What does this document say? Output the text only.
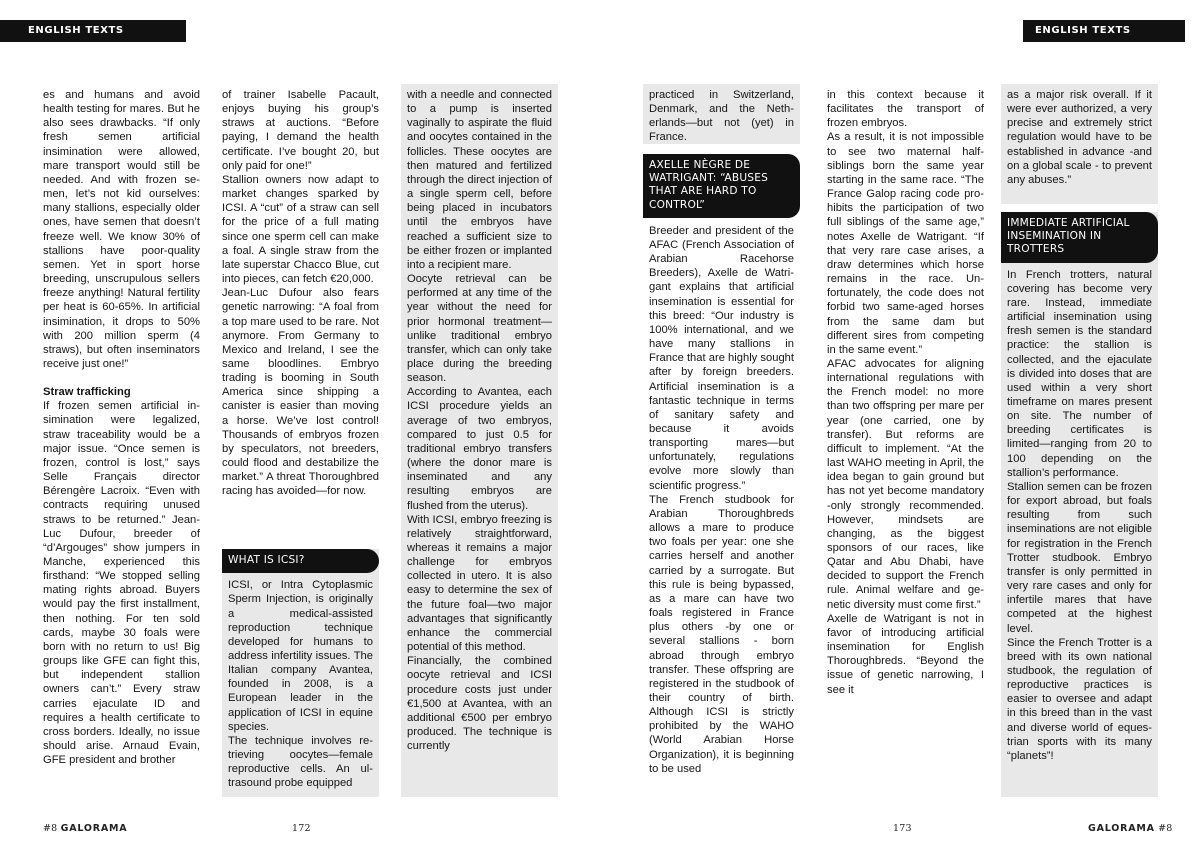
ENGLISH TEXTS	ENGLISH TEXTS

es and humans and avoid health testing for mares. But he also sees drawbacks. “If only fresh semen artificial insimination were allowed, mare transport would still be needed. And with frozen semen, let’s not kid ourselves: many stallions, especially older ones, have semen that doesn’t freeze well. We know 30% of stallions have poor-quality semen. Yet in sport horse breeding, unscrupulous sellers freeze anything! Natural fertility per heat is 60-65%. In artificial insimination, it drops to 50% with 200 million sperm (4 straws), but often inseminators receive just one!”

Straw trafficking

If frozen semen artificial insimination were legalized, straw traceability would be a major issue. “Once semen is frozen, control is lost,” says Selle Français director Bérengère Lacroix. “Even with contracts requiring unused straws to be returned.” Jean-Luc Dufour, breeder of “d’Argouges” show jumpers in Manche, experienced this firsthand: “We stopped selling mating rights abroad. Buyers would pay the first installment, then nothing. For ten sold cards, maybe 30 foals were born with no return to us! Big groups like GFE can fight this, but independent stallion owners can’t.” Every straw carries ejaculate ID and requires a health certificate to cross borders. Ideally, no issue should arise. Arnaud Evain, GFE president and brother

of trainer Isabelle Pacault, enjoys buying his group’s straws at auctions. “Before paying, I demand the health certificate. I’ve bought 20, but only paid for one!”

Stallion owners now adapt to market changes sparked by ICSI. A “cut” of a straw can sell for the price of a full mating since one sperm cell can make a foal. A single straw from the late superstar Chacco Blue, cut into pieces, can fetch €20,000.

Jean-Luc Dufour also fears genetic narrowing: “A foal from a top mare used to be rare. Not anymore. From Germany to Mexico and Ireland, I see the same bloodlines. Embryo trading is booming in South America since shipping a canister is easier than moving a horse. We’ve lost control! Thousands of embryos frozen by speculators, not breeders, could flood and destabilize the market.” A threat Thoroughbred racing has avoided—for now.

WHAT IS ICSI?

ICSI, or Intra Cytoplasmic Sperm Injection, is originally a medical-assisted reproduction technique developed for humans to address infertility issues. The Italian company Avantea, founded in 2008, is a European leader in the application of ICSI in equine species.

The technique involves retrieving oocytes—female reproductive cells. An ultrasound probe equipped

with a needle and connected to a pump is inserted vaginally to aspirate the fluid and oocytes contained in the follicles. These oocytes are then matured and fertilized through the direct injection of a single sperm cell, before being placed in incubators until the embryos have reached a sufficient size to be either frozen or implanted into a recipient mare.

Oocyte retrieval can be performed at any time of the year without the need for prior hormonal treatment—unlike traditional embryo transfer, which can only take place during the breeding season.

According to Avantea, each ICSI procedure yields an average of two embryos, compared to just 0.5 for traditional embryo transfers (where the donor mare is inseminated and any resulting embryos are flushed from the uterus).

With ICSI, embryo freezing is relatively straightforward, whereas it remains a major challenge for embryos collected in utero. It is also easy to determine the sex of the future foal—two major advantages that significantly enhance the commercial potential of this method.

Financially, the combined oocyte retrieval and ICSI procedure costs just under €1,500 at Avantea, with an additional €500 per embryo produced. The technique is currently

practiced in Switzerland, Denmark, and the Netherlands—but not (yet) in France.

AXELLE NÈGRE DE WATRIGANT: “ABUSES THAT ARE HARD TO CONTROL”

Breeder and president of the AFAC (French Association of Arabian Racehorse Breeders), Axelle de Watrigant explains that artificial insemination is essential for this breed: “Our industry is 100% international, and we have many stallions in France that are highly sought after by foreign breeders. Artificial insemination is a fantastic technique in terms of sanitary safety and because it avoids transporting mares—but unfortunately, regulations evolve more slowly than scientific progress.”

The French studbook for Arabian Thoroughbreds allows a mare to produce two foals per year: one she carries herself and another carried by a surrogate. But this rule is being bypassed, as a mare can have two foals registered in France plus others -by one or several stallions - born abroad through embryo transfer. These offspring are registered in the studbook of their country of birth. Although ICSI is strictly prohibited by the WAHO (World Arabian Horse Organization), it is beginning to be used

in this context because it facilitates the transport of frozen embryos.

As a result, it is not impossible to see two maternal half-siblings born the same year starting in the same race. “The France Galop racing code prohibits the participation of two full siblings of the same age,” notes Axelle de Watrigant. “If that very rare case arises, a draw determines which horse remains in the race. Unfortunately, the code does not forbid two same-aged horses from the same dam but different sires from competing in the same event.”

AFAC advocates for aligning international regulations with the French model: no more than two offspring per mare per year (one carried, one by transfer). But reforms are difficult to implement. “At the last WAHO meeting in April, the idea began to gain ground but has not yet become mandatory -only strongly recommended. However, mindsets are changing, as the biggest sponsors of our races, like Qatar and Abu Dhabi, have decided to support the French rule. Animal welfare and genetic diversity must come first.”

Axelle de Watrigant is not in favor of introducing artificial insemination for English Thoroughbreds. “Beyond the issue of genetic narrowing, I see it

as a major risk overall. If it were ever authorized, a very precise and extremely strict regulation would have to be established in advance -and on a global scale - to prevent any abuses.”

IMMEDIATE ARTIFICIAL INSEMINATION IN TROTTERS

In French trotters, natural covering has become very rare. Instead, immediate artificial insemination using fresh semen is the standard practice: the stallion is collected, and the ejaculate is divided into doses that are used within a very short timeframe on mares present on site. The number of breeding certificates is limited—ranging from 20 to 100 depending on the stallion’s performance.

Stallion semen can be frozen for export abroad, but foals resulting from such inseminations are not eligible for registration in the French Trotter studbook. Embryo transfer is only permitted in very rare cases and only for infertile mares that have competed at the highest level.

Since the French Trotter is a breed with its own national studbook, the regulation of reproductive practices is easier to oversee and adapt in this breed than in the vast and diverse world of equestrian sports with its many “planets”!

#8 GALORAMA	172	173	GALORAMA #8
